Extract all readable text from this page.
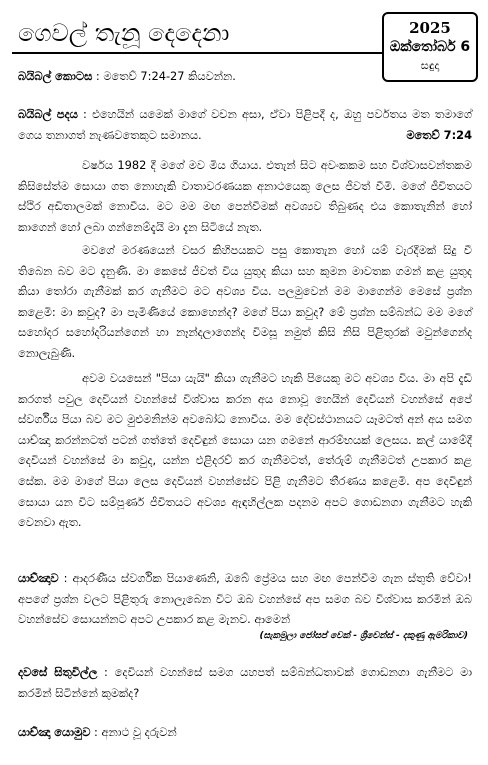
ගෙවල් තැනූ දෙදෙනා	2025
ඔක්තෝබර් 6
සඳුදා
බයිබල් කොටස : මතෙව් 7:24-27 කියවන්න.
බයිබල් පදය : එහෙයින් යමෙක් මාගේ වචන අසා, ඒවා පිළිපදී ද, ඔහු පර්වතය මත තමාගේ ගෙය තනාගත් නැණවතෙකුට සමානය.	මතෙව් 7:24
වර්ෂය 1982 දී මගේ මව මිය ගියාය. එතැන් සිට අවංකකම සහ විශ්වාසවන්තකම කිසිසේත්ම සොයා ගත නොහැකි වාතාවරණයක අනාථයෙකු ලෙස ජීවත් වීමි. මගේ ජීවිතයට ස්ථිර අඩිතාලමක් නොවීය. මට මම මඟ පෙන්වීමක් අවශ්‍යව තිබුණද එය කොතැනින් හෝ කාගෙන් හෝ ලබා ගන්නෙම්දැයි මා දැන සිටියේ නැත.
මවගේ මරණයෙන් වසර කිහිපයකට පසු කොතැන හෝ යම් වැරදීමක් සිදු වී තිබෙන බව මට දැනුණි. මා කෙසේ ජීවත් විය යුතුද කියා සහ කුමන මාවතක ගමන් කළ යුතුද කියා තෝරා ගැනීමක් කර ගැනීමට මට අවශ්‍ය විය. පලමුවෙන් මම මාගෙන්ම මෙසේ ප්‍රශ්න කළෙමි: මා කවුද? මා පැමිණියේ කොහෙන්ද? මගේ පියා කවුද? මේ ප්‍රශ්න සම්බන්ධ මම මගේ සහෝදර සහෝදරියන්ගෙන් හා නෑන්දලාගෙන්ද විමසූ නමුත් කිසි නිසි පිළිතුරක් මවුන්ගෙන්ද නොලැබුණි.
අවම වයසෙන් "පියා යැයි" කියා ගැනීමට හැකි පියෙකු මට අවශ්‍ය විය. මා අපි දැඩි කරගත් පවුල දෙවියන් වහන්සේ විශ්වාස කරන අය නොවූ හෙයින් දෙවියන් වහන්සේ අපේ ස්වර්ගීය පියා බව මට මුළුමනින්ම අවබෝධ නොවීය. මම දේවස්ථානයට යෑමටත් අන් අය සමග යාච්ඤා කරන්නටත් පටන් ගත්තේ දෙවිඳුන් සොයා යන ගමනේ ආරම්භයක් ලෙසය. කල් යාමේදී දෙවියන් වහන්සේ මා කවුද, යන්න එළිදරව් කර ගැනීමටත්, තේරුම් ගැනීමටත් උපකාර කළ සේක. මම මාගේ පියා ලෙස දෙවියන් වහන්සේව පිළි ගැනීමට තීරණය කළෙමි. අප දෙවිඳුන් සොයා යන විට සම්පූර්ණ ජීවිතයට අවශ්‍ය ඇඳහිල්ලක පදනම අපට ගොඩනගා ගැනීමට හැකි වෙනවා ඇත.
යාච්ඤාව : ආදරණීය ස්වර්ගික පියාණෙනි, ඔබේ ප්‍රේමය සහ මඟ පෙන්වීම ගැන ස්තුති වේවා! අපගේ ප්‍රශ්න වලට පිළිතුරු නොලැබෙන විට ඔබ වහන්සේ අප සමග බව විශ්වාස කරමින් ඔබ වහන්සේව සොයන්නට අපට උපකාර කළ මැනව. ආමෙන්
(සැකමුලා ජෝසප් වෙක් - ශ්‍රීවෙන්ස් - දකුණු ඇමරිකාව)
දවසේ සිතුවිල්ල : දෙවියන් වහන්සේ සමග යහපත් සම්බන්ධතාවක් ගොඩනගා ගැනීමට මා කරමින් සිටින්නේ කුමක්ද?
යාච්ඤා යොමුව : අනාථ වූ දරුවන්
